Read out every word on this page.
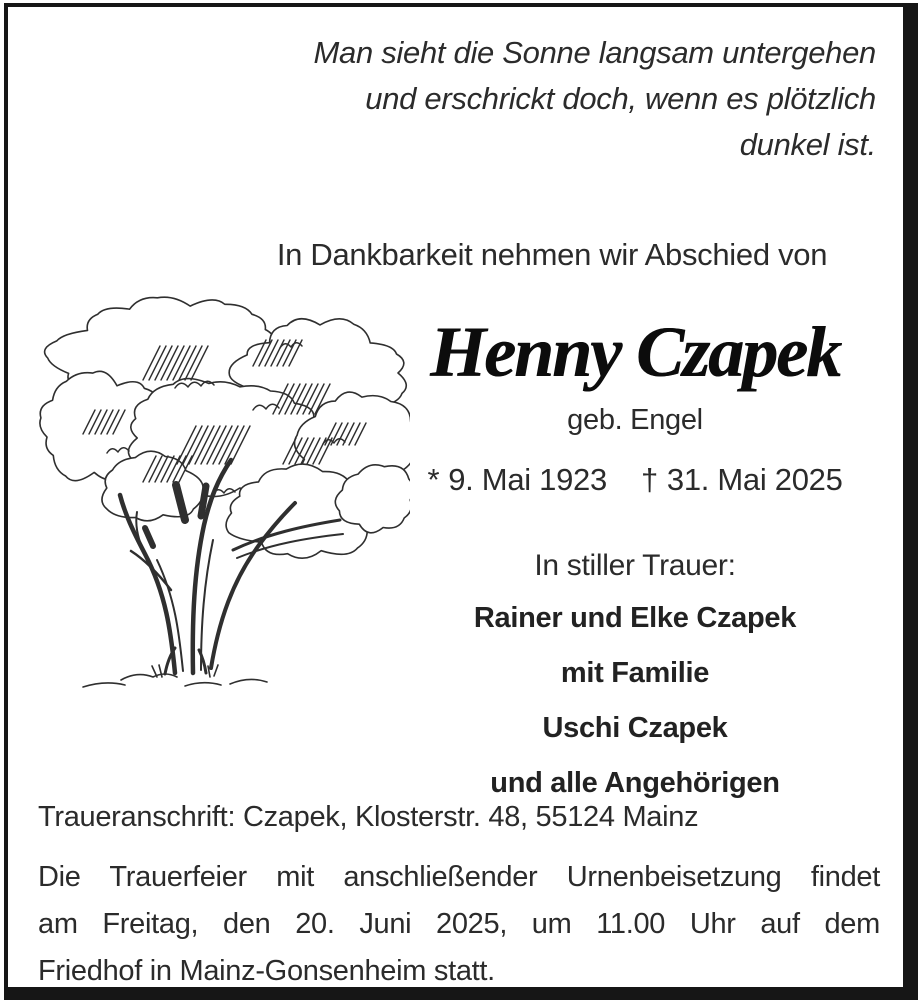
Man sieht die Sonne langsam untergehen
und erschrickt doch, wenn es plötzlich
dunkel ist.
In Dankbarkeit nehmen wir Abschied von
Henny Czapek
geb. Engel
* 9. Mai 1923 † 31. Mai 2025
In stiller Trauer:
Rainer und Elke Czapek
mit Familie
Uschi Czapek
und alle Angehörigen
Traueranschrift: Czapek, Klosterstr. 48, 55124 Mainz
Die Trauerfeier mit anschließender Urnenbeisetzung findet
am Freitag, den 20. Juni 2025, um 11.00 Uhr auf dem
Friedhof in Mainz-Gonsenheim statt.
